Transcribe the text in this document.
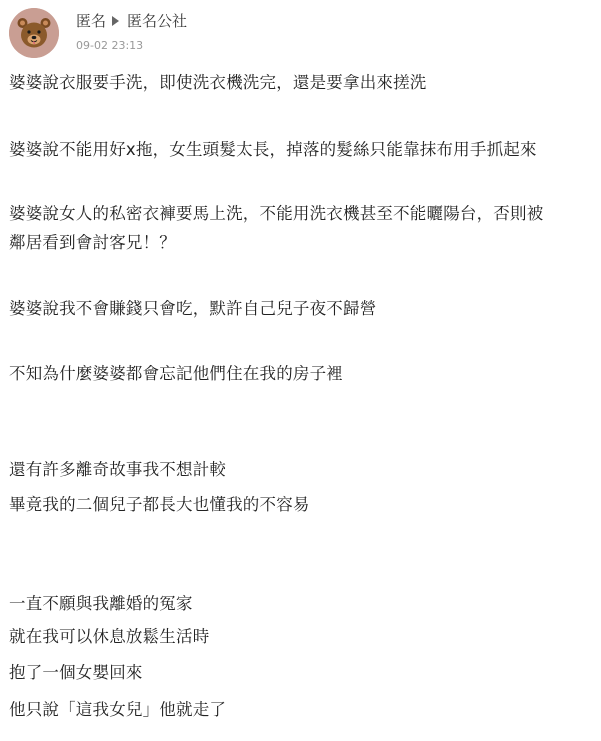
匿名 匿名公社
09-02 23:13
婆婆說衣服要手洗，即使洗衣機洗完，還是要拿出來搓洗
婆婆說不能用好x拖，女生頭髮太長，掉落的髮絲只能靠抹布用手抓起來
婆婆說女人的私密衣褲要馬上洗，不能用洗衣機甚至不能曬陽台，否則被
鄰居看到會討客兄！？
婆婆說我不會賺錢只會吃，默許自己兒子夜不歸營
不知為什麼婆婆都會忘記他們住在我的房子裡
還有許多離奇故事我不想計較
畢竟我的二個兒子都長大也懂我的不容易
一直不願與我離婚的冤家
就在我可以休息放鬆生活時
抱了一個女嬰回來
他只說「這我女兒」他就走了
